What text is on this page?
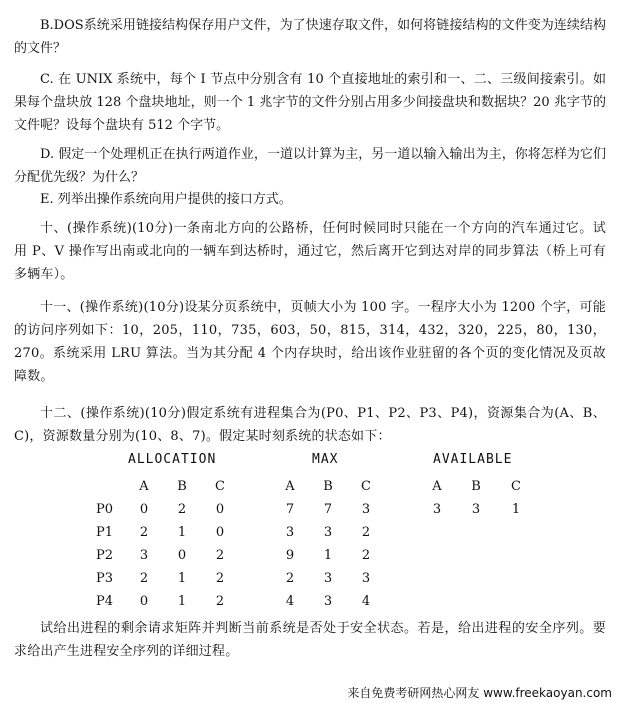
B.DOS系统采用链接结构保存用户文件，为了快速存取文件，如何将链接结构的文件变为连续结构的文件？

C. 在 UNIX 系统中，每个 I 节点中分别含有 10 个直接地址的索引和一、二、三级间接索引。如果每个盘块放 128 个盘块地址，则一个 1 兆字节的文件分别占用多少间接盘块和数据块？20 兆字节的文件呢？设每个盘块有 512 个字节。

D. 假定一个处理机正在执行两道作业，一道以计算为主，另一道以输入输出为主，你将怎样为它们分配优先级？为什么？

E. 列举出操作系统向用户提供的接口方式。

十、(操作系统)(10分)一条南北方向的公路桥，任何时候同时只能在一个方向的汽车通过它。试用 P、V 操作写出南或北向的一辆车到达桥时，通过它，然后离开它到达对岸的同步算法（桥上可有多辆车）。

十一、(操作系统)(10分)设某分页系统中，页帧大小为 100 字。一程序大小为 1200 个字，可能的访问序列如下：10，205，110，735，603，50，815，314，432，320，225，80，130，270。系统采用 LRU 算法。当为其分配 4 个内存块时，给出该作业驻留的各个页的变化情况及页故障数。

十二、(操作系统)(10分)假定系统有进程集合为(P0、P1、P2、P3、P4)，资源集合为(A、B、C)，资源数量分别为(10、8、7)。假定某时刻系统的状态如下：

ALLOCATION	MAX	AVAILABLE
A	B	C	A	B	C	A	B	C
P0	0	2	0	7	7	3	3	3	1
P1	2	1	0	3	3	2
P2	3	0	2	9	1	2
P3	2	1	2	2	3	3
P4	0	1	2	4	3	4

试给出进程的剩余请求矩阵并判断当前系统是否处于安全状态。若是，给出进程的安全序列。要求给出产生进程安全序列的详细过程。

来自免费考研网热心网友 www.freekaoyan.com
